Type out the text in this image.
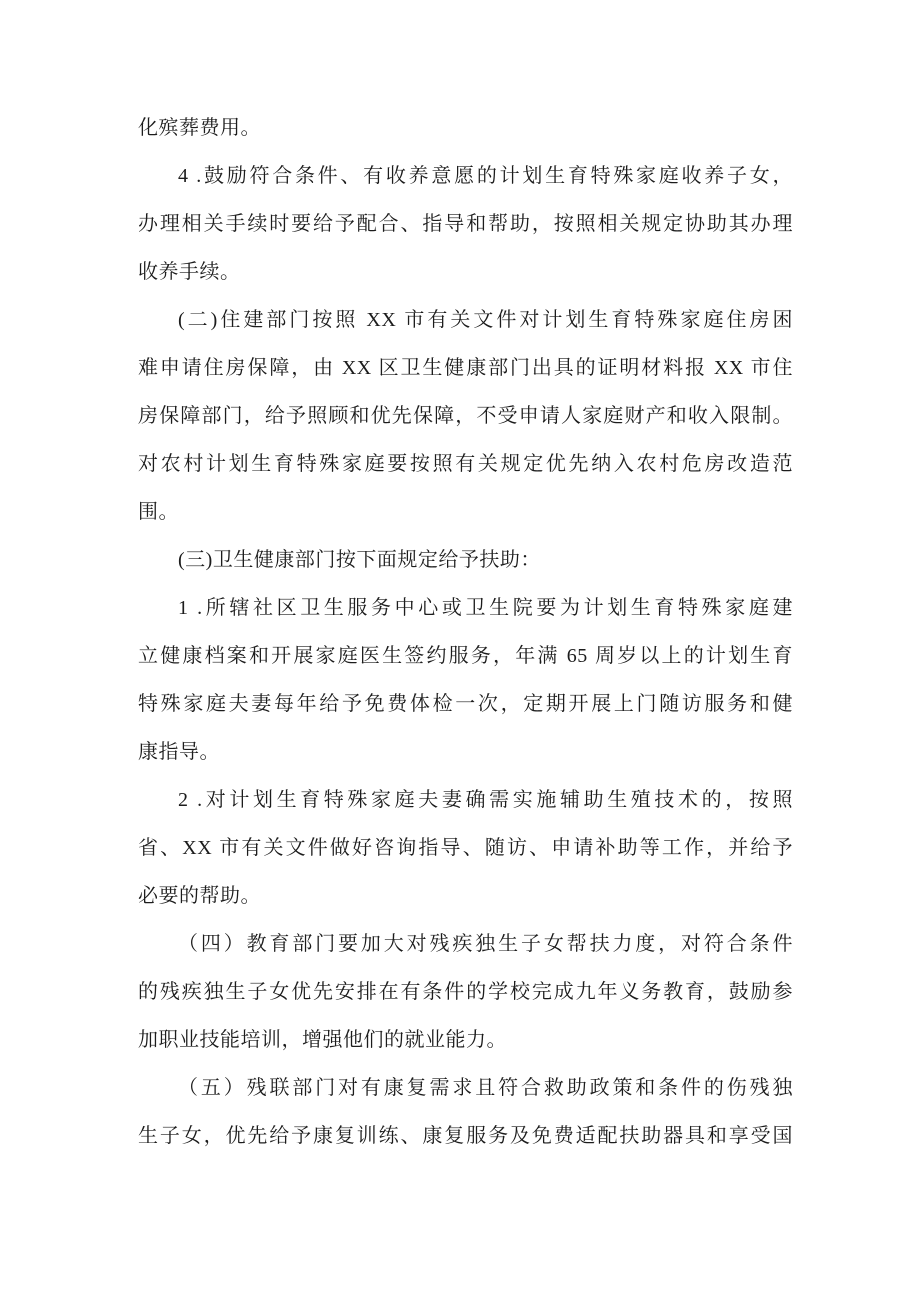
化殡葬费用。
4 .鼓励符合条件、有收养意愿的计划生育特殊家庭收养子女，
办理相关手续时要给予配合、指导和帮助，按照相关规定协助其办理
收养手续。
(二)住建部门按照 XX 市有关文件对计划生育特殊家庭住房困
难申请住房保障，由 XX 区卫生健康部门出具的证明材料报 XX 市住
房保障部门，给予照顾和优先保障，不受申请人家庭财产和收入限制。
对农村计划生育特殊家庭要按照有关规定优先纳入农村危房改造范
围。
(三)卫生健康部门按下面规定给予扶助：
1 .所辖社区卫生服务中心或卫生院要为计划生育特殊家庭建
立健康档案和开展家庭医生签约服务，年满 65 周岁以上的计划生育
特殊家庭夫妻每年给予免费体检一次，定期开展上门随访服务和健
康指导。
2 .对计划生育特殊家庭夫妻确需实施辅助生殖技术的，按照
省、XX 市有关文件做好咨询指导、随访、申请补助等工作，并给予
必要的帮助。
（四）教育部门要加大对残疾独生子女帮扶力度，对符合条件
的残疾独生子女优先安排在有条件的学校完成九年义务教育，鼓励参
加职业技能培训，增强他们的就业能力。
（五）残联部门对有康复需求且符合救助政策和条件的伤残独
生子女，优先给予康复训练、康复服务及免费适配扶助器具和享受国
